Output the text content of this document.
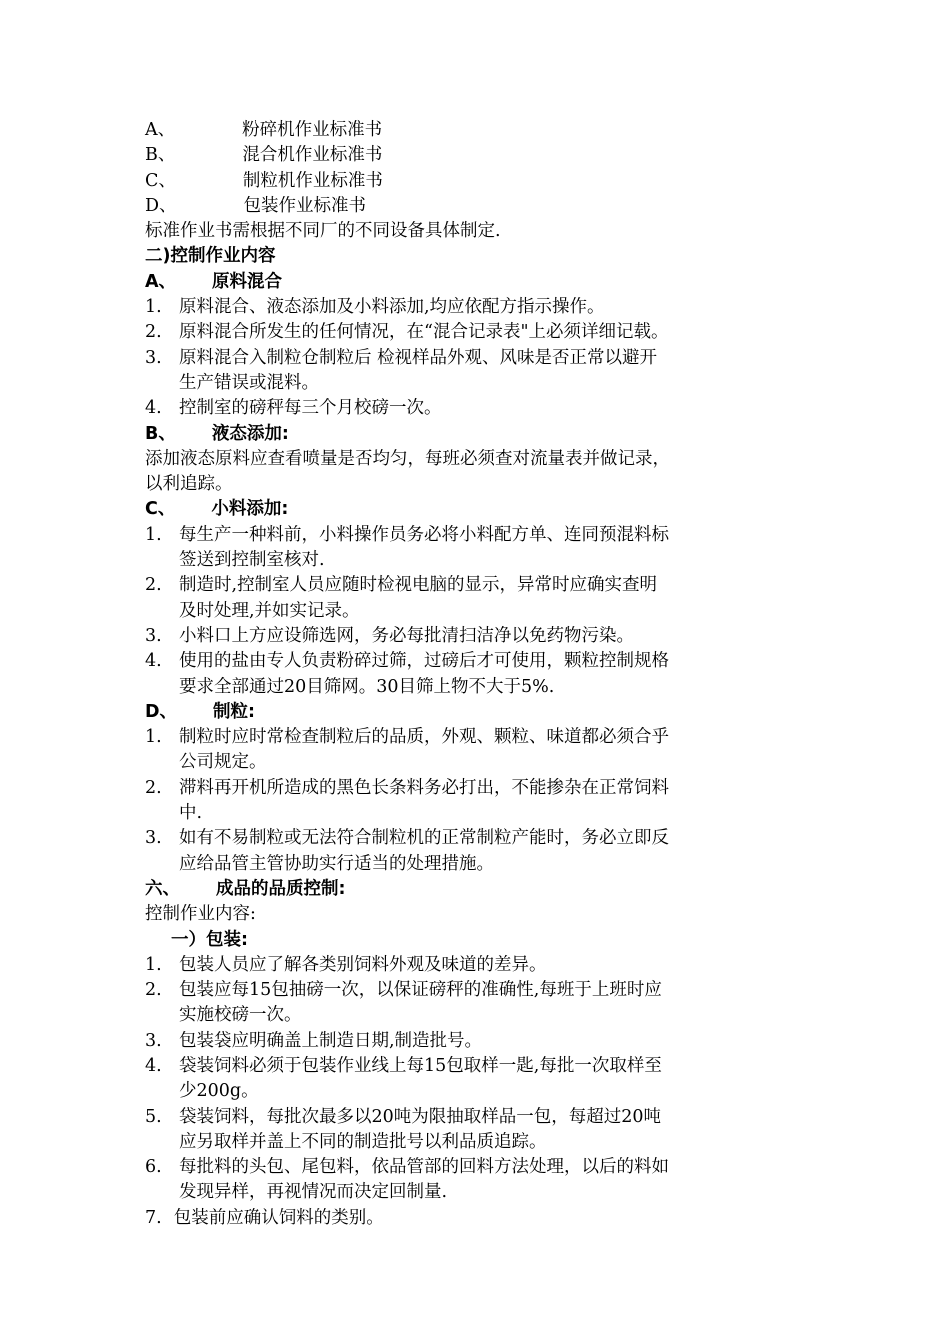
A、	粉碎机作业标准书
B、	混合机作业标准书
C、	制粒机作业标准书
D、	包装作业标准书
标准作业书需根据不同厂的不同设备具体制定.
二)控制作业内容
A、 原料混合
1. 原料混合、液态添加及小料添加,均应依配方指示操作。
2. 原料混合所发生的任何情况，在“混合记录表"上必须详细记载。
3. 原料混合入制粒仓制粒后 检视样品外观、风味是否正常以避开
生产错误或混料。
4. 控制室的磅秤每三个月校磅一次。
B、 液态添加:
添加液态原料应查看喷量是否均匀，每班必须查对流量表并做记录，
以利追踪。
C、 小料添加:
1. 每生产一种料前，小料操作员务必将小料配方单、连同预混料标
签送到控制室核对.
2. 制造时,控制室人员应随时检视电脑的显示，异常时应确实查明
及时处理,并如实记录。
3. 小料口上方应设筛选网，务必每批清扫洁净以免药物污染。
4. 使用的盐由专人负责粉碎过筛，过磅后才可使用，颗粒控制规格
要求全部通过20目筛网。30目筛上物不大于5%.
D、 制粒:
1. 制粒时应时常检查制粒后的品质，外观、颗粒、味道都必须合乎
公司规定。
2. 滞料再开机所造成的黑色长条料务必打出，不能掺杂在正常饲料
中.
3. 如有不易制粒或无法符合制粒机的正常制粒产能时，务必立即反
应给品管主管协助实行适当的处理措施。
六、 成品的品质控制:
控制作业内容:
一）包装:
1. 包装人员应了解各类别饲料外观及味道的差异。
2. 包装应每15包抽磅一次，以保证磅秤的准确性,每班于上班时应
实施校磅一次。
3. 包装袋应明确盖上制造日期,制造批号。
4. 袋装饲料必须于包装作业线上每15包取样一匙,每批一次取样至
少200g。
5. 袋装饲料，每批次最多以20吨为限抽取样品一包，每超过20吨
应另取样并盖上不同的制造批号以利品质追踪。
6. 每批料的头包、尾包料，依品管部的回料方法处理，以后的料如
发现异样，再视情况而决定回制量.
7. 包装前应确认饲料的类别。
